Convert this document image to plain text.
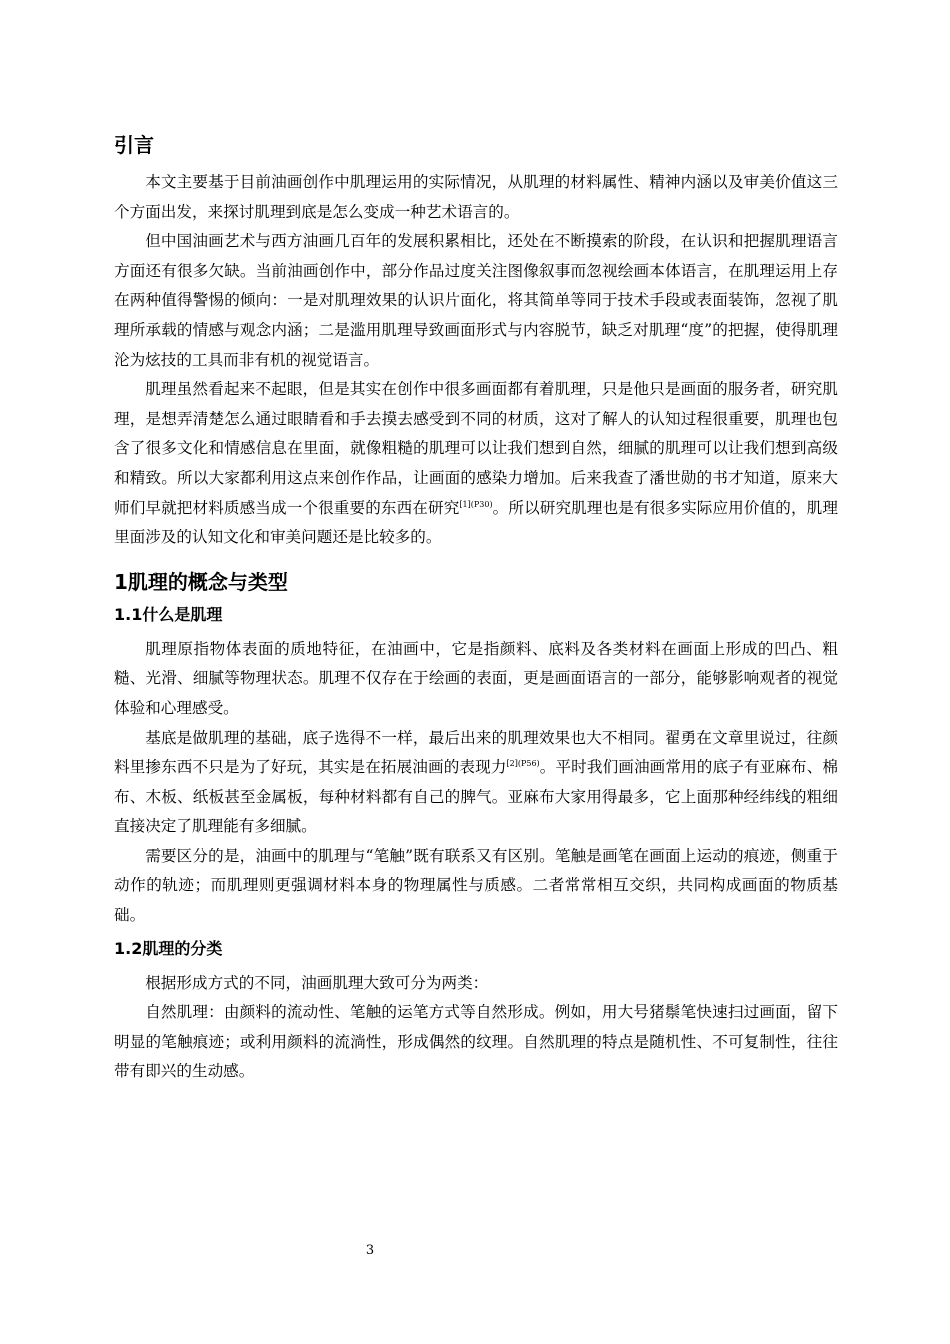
引言

本文主要基于目前油画创作中肌理运用的实际情况，从肌理的材料属性、精神内涵以及审美价值这三个方面出发，来探讨肌理到底是怎么变成一种艺术语言的。

但中国油画艺术与西方油画几百年的发展积累相比，还处在不断摸索的阶段，在认识和把握肌理语言方面还有很多欠缺。当前油画创作中，部分作品过度关注图像叙事而忽视绘画本体语言，在肌理运用上存在两种值得警惕的倾向：一是对肌理效果的认识片面化，将其简单等同于技术手段或表面装饰，忽视了肌理所承载的情感与观念内涵；二是滥用肌理导致画面形式与内容脱节，缺乏对肌理“度”的把握，使得肌理沦为炫技的工具而非有机的视觉语言。

肌理虽然看起来不起眼，但是其实在创作中很多画面都有着肌理，只是他只是画面的服务者，研究肌理，是想弄清楚怎么通过眼睛看和手去摸去感受到不同的材质，这对了解人的认知过程很重要，肌理也包含了很多文化和情感信息在里面，就像粗糙的肌理可以让我们想到自然，细腻的肌理可以让我们想到高级和精致。所以大家都利用这点来创作作品，让画面的感染力增加。后来我查了潘世勋的书才知道，原来大师们早就把材料质感当成一个很重要的东西在研究$^{[1](P30)}$。所以研究肌理也是有很多实际应用价值的，肌理里面涉及的认知文化和审美问题还是比较多的。

1肌理的概念与类型
1.1什么是肌理

肌理原指物体表面的质地特征，在油画中，它是指颜料、底料及各类材料在画面上形成的凹凸、粗糙、光滑、细腻等物理状态。肌理不仅存在于绘画的表面，更是画面语言的一部分，能够影响观者的视觉体验和心理感受。

基底是做肌理的基础，底子选得不一样，最后出来的肌理效果也大不相同。翟勇在文章里说过，往颜料里掺东西不只是为了好玩，其实是在拓展油画的表现力$^{[2](P56)}$。平时我们画油画常用的底子有亚麻布、棉布、木板、纸板甚至金属板，每种材料都有自己的脾气。亚麻布大家用得最多，它上面那种经纬线的粗细直接决定了肌理能有多细腻。

需要区分的是，油画中的肌理与“笔触”既有联系又有区别。笔触是画笔在画面上运动的痕迹，侧重于动作的轨迹；而肌理则更强调材料本身的物理属性与质感。二者常常相互交织，共同构成画面的物质基础。

1.2肌理的分类

根据形成方式的不同，油画肌理大致可分为两类：

自然肌理：由颜料的流动性、笔触的运笔方式等自然形成。例如，用大号猪鬃笔快速扫过画面，留下明显的笔触痕迹；或利用颜料的流淌性，形成偶然的纹理。自然肌理的特点是随机性、不可复制性，往往带有即兴的生动感。

3
